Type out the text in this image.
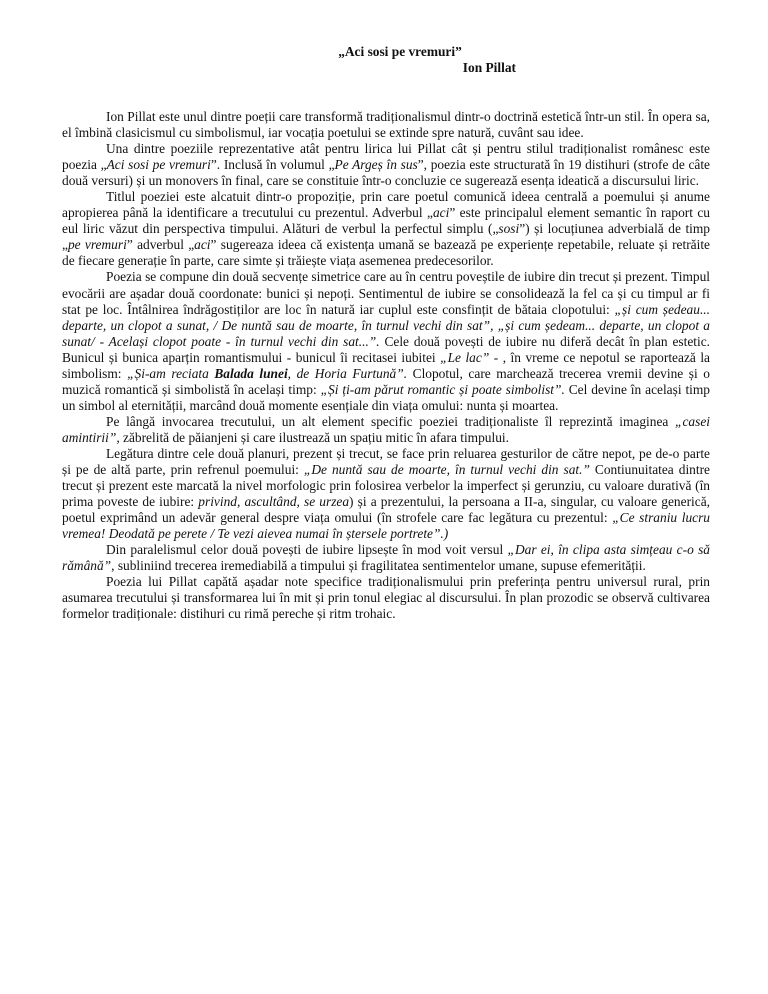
„Aci sosi pe vremuri”

Ion Pillat

Ion Pillat este unul dintre poeții care transformă tradiționalismul dintr-o doctrină estetică într-un stil. În opera sa, el îmbină clasicismul cu simbolismul, iar vocația poetului se extinde spre natură, cuvânt sau idee.

Una dintre poeziile reprezentative atât pentru lirica lui Pillat cât și pentru stilul tradiționalist românesc este poezia „Aci sosi pe vremuri”. Inclusă în volumul „Pe Argeș în sus”, poezia este structurată în 19 distihuri (strofe de câte două versuri) și un monovers în final, care se constituie într-o concluzie ce sugerează esența ideatică a discursului liric.

Titlul poeziei este alcatuit dintr-o propoziție, prin care poetul comunică ideea centrală a poemului și anume apropierea până la identificare a trecutului cu prezentul. Adverbul „aci” este principalul element semantic în raport cu eul liric văzut din perspectiva timpului. Alături de verbul la perfectul simplu („sosi”) și locuțiunea adverbială de timp „pe vremuri” adverbul „aci” sugereaza ideea că existența umană se bazează pe experiențe repetabile, reluate și retrăite de fiecare generație în parte, care simte și trăiește viața asemenea predecesorilor.

Poezia se compune din două secvențe simetrice care au în centru poveștile de iubire din trecut și prezent. Timpul evocării are așadar două coordonate: bunici și nepoți. Sentimentul de iubire se consolidează la fel ca și cu timpul ar fi stat pe loc. Întâlnirea îndrăgostiților are loc în natură iar cuplul este consfințit de bătaia clopotului: „și cum ședeau... departe, un clopot a sunat, / De nuntă sau de moarte, în turnul vechi din sat”, „și cum ședeam... departe, un clopot a sunat/ - Același clopot poate - în turnul vechi din sat...”. Cele două povești de iubire nu diferă decât în plan estetic. Bunicul și bunica aparțin romantismului - bunicul îi recitasei iubitei „Le lac” - , în vreme ce nepotul se raportează la simbolism: „Și-am reciata Balada lunei, de Horia Furtună”. Clopotul, care marchează trecerea vremii devine și o muzică romantică și simbolistă în același timp: „Și ți-am părut romantic și poate simbolist”. Cel devine în același timp un simbol al eternității, marcând două momente esențiale din viața omului: nunta și moartea.

Pe lângă invocarea trecutului, un alt element specific poeziei tradiționaliste îl reprezintă imaginea „casei amintirii”, zăbrelită de păianjeni și care ilustrează un spațiu mitic în afara timpului.

Legătura dintre cele două planuri, prezent și trecut, se face prin reluarea gesturilor de către nepot, pe de-o parte și pe de altă parte, prin refrenul poemului: „De nuntă sau de moarte, în turnul vechi din sat.” Contiunuitatea dintre trecut și prezent este marcată la nivel morfologic prin folosirea verbelor la imperfect și gerunziu, cu valoare durativă (în prima poveste de iubire: privind, ascultând, se urzea) și a prezentului, la persoana a II-a, singular, cu valoare generică, poetul exprimând un adevăr general despre viața omului (în strofele care fac legătura cu prezentul: „Ce straniu lucru vremea! Deodată pe perete / Te vezi aievea numai în ștersele portrete”.)

Din paralelismul celor două povești de iubire lipsește în mod voit versul „Dar ei, în clipa asta simțeau c-o să rămână”, subliniind trecerea iremediabilă a timpului și fragilitatea sentimentelor umane, supuse efemerității.

Poezia lui Pillat capătă așadar note specifice tradiționalismului prin preferința pentru universul rural, prin asumarea trecutului și transformarea lui în mit și prin tonul elegiac al discursului. În plan prozodic se observă cultivarea formelor tradiționale: distihuri cu rimă pereche și ritm trohaic.
